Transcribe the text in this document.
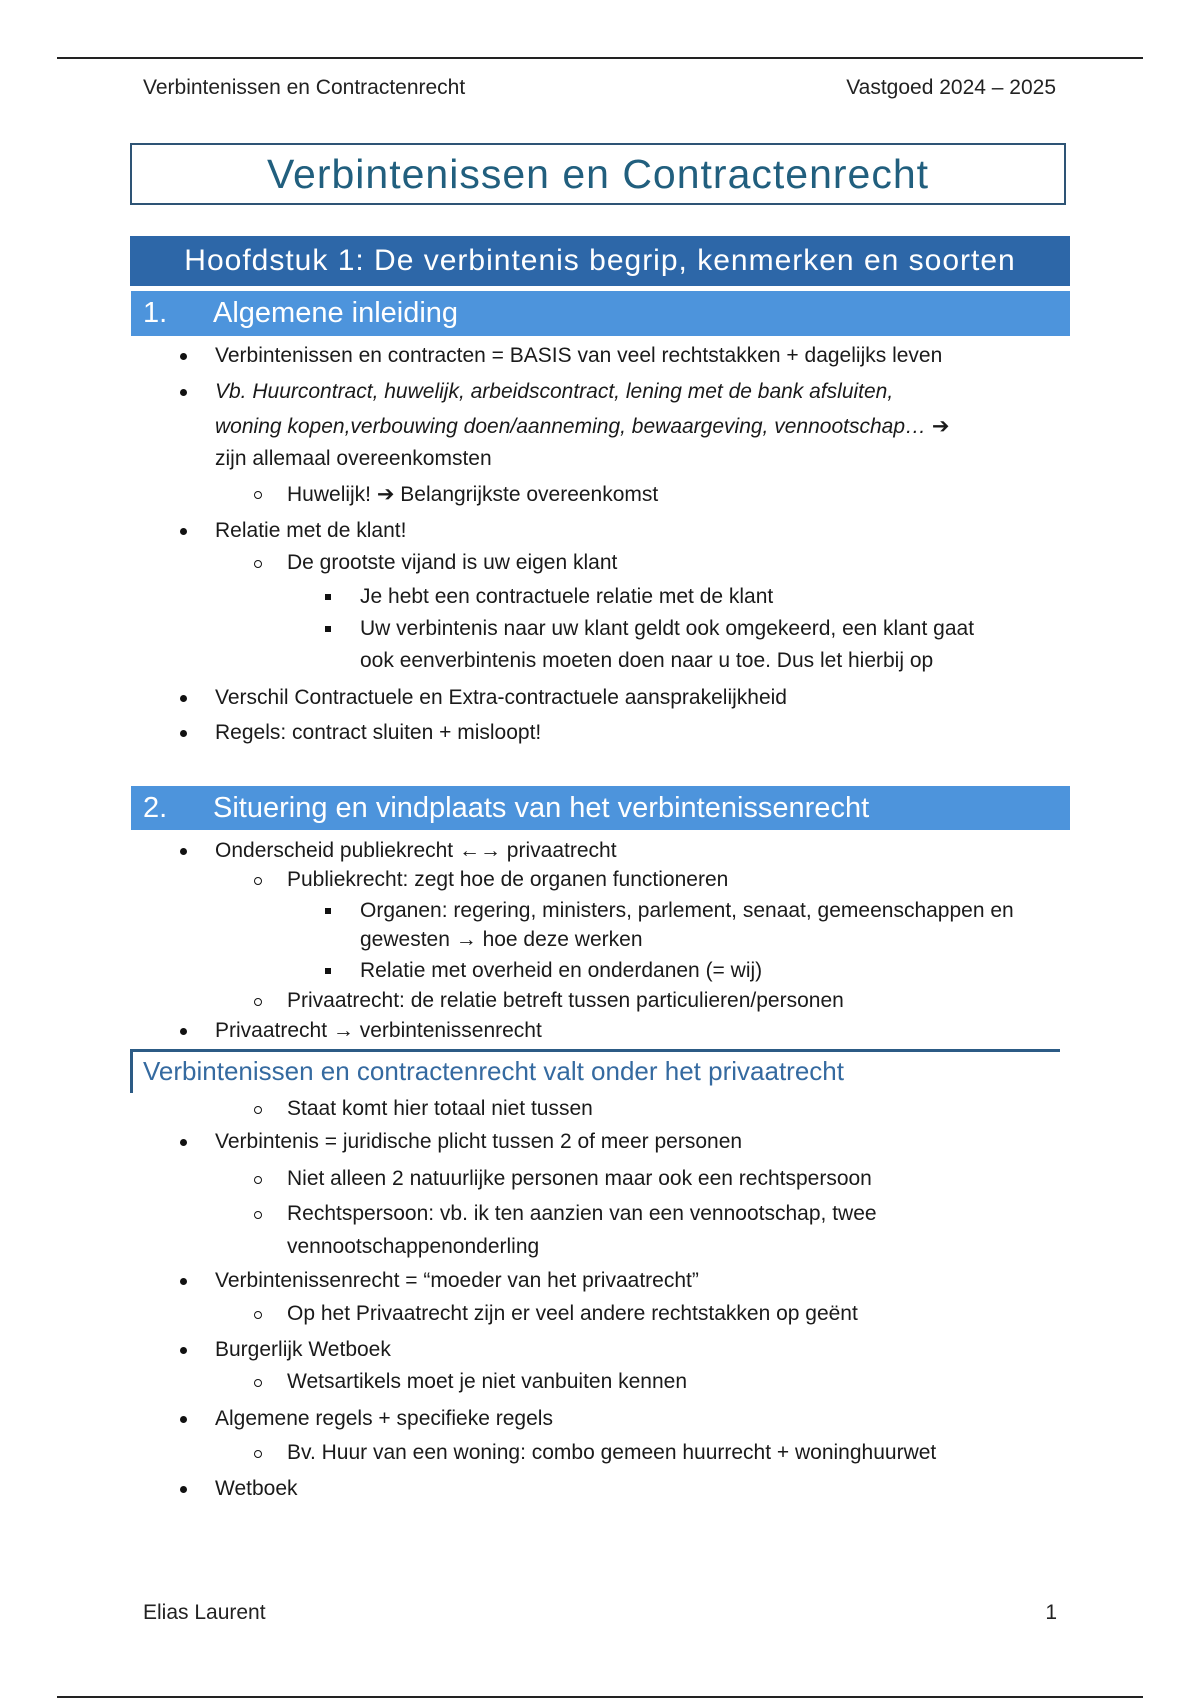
Verbintenissen en Contractenrecht	Vastgoed 2024 – 2025
Verbintenissen en Contractenrecht
Hoofdstuk 1: De verbintenis begrip, kenmerken en soorten
1.	Algemene inleiding
Verbintenissen en contracten = BASIS van veel rechtstakken + dagelijks leven
Vb. Huurcontract, huwelijk, arbeidscontract, lening met de bank afsluiten,
woning kopen,verbouwing doen/aanneming, bewaargeving, vennootschap… ➔
zijn allemaal overeenkomsten
Huwelijk! ➔ Belangrijkste overeenkomst
Relatie met de klant!
De grootste vijand is uw eigen klant
Je hebt een contractuele relatie met de klant
Uw verbintenis naar uw klant geldt ook omgekeerd, een klant gaat
ook eenverbintenis moeten doen naar u toe. Dus let hierbij op
Verschil Contractuele en Extra-contractuele aansprakelijkheid
Regels: contract sluiten + misloopt!
2.	Situering en vindplaats van het verbintenissenrecht
Onderscheid publiekrecht ←→ privaatrecht
Publiekrecht: zegt hoe de organen functioneren
Organen: regering, ministers, parlement, senaat, gemeenschappen en
gewesten → hoe deze werken
Relatie met overheid en onderdanen (= wij)
Privaatrecht: de relatie betreft tussen particulieren/personen
Privaatrecht → verbintenissenrecht
Verbintenissen en contractenrecht valt onder het privaatrecht
Staat komt hier totaal niet tussen
Verbintenis = juridische plicht tussen 2 of meer personen
Niet alleen 2 natuurlijke personen maar ook een rechtspersoon
Rechtspersoon: vb. ik ten aanzien van een vennootschap, twee
vennootschappenonderling
Verbintenissenrecht = “moeder van het privaatrecht”
Op het Privaatrecht zijn er veel andere rechtstakken op geënt
Burgerlijk Wetboek
Wetsartikels moet je niet vanbuiten kennen
Algemene regels + specifieke regels
Bv. Huur van een woning: combo gemeen huurrecht + woninghuurwet
Wetboek
Elias Laurent	1
